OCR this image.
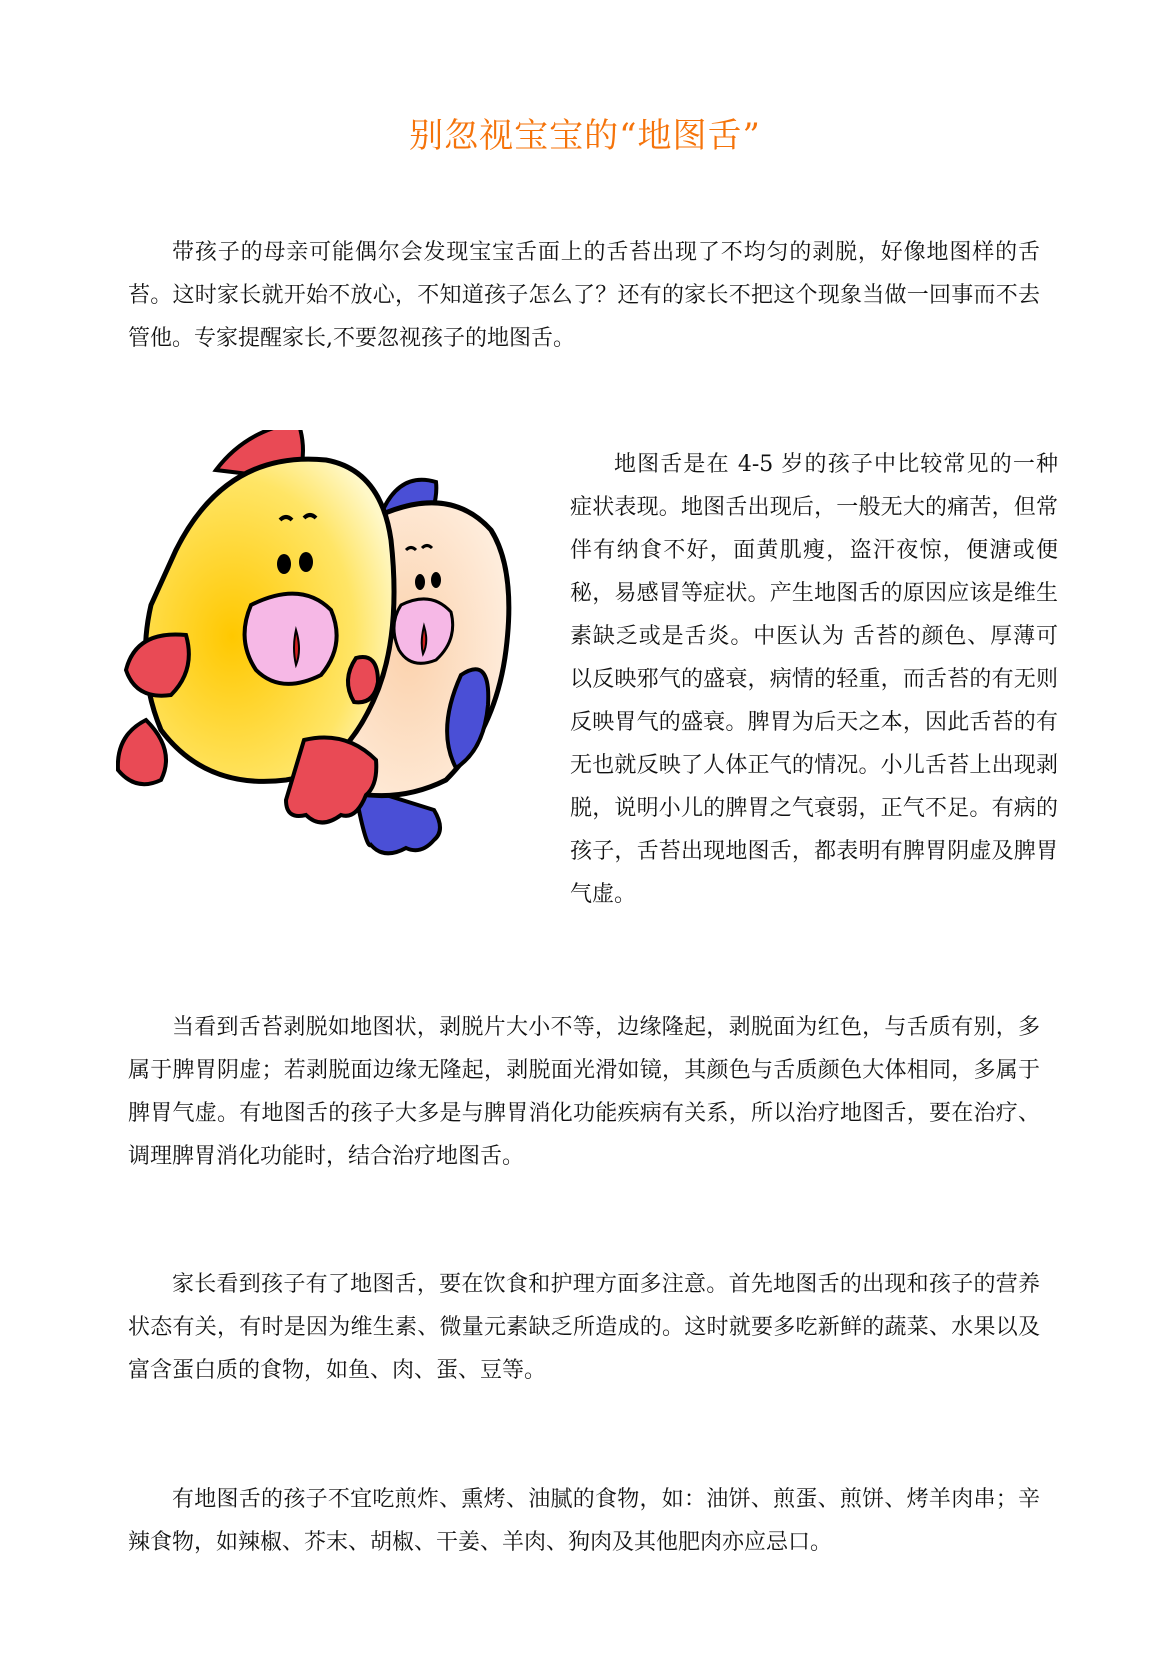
别忽视宝宝的“地图舌”

带孩子的母亲可能偶尔会发现宝宝舌面上的舌苔出现了不均匀的剥脱，好像地图样的舌苔。这时家长就开始不放心，不知道孩子怎么了？还有的家长不把这个现象当做一回事而不去管他。专家提醒家长,不要忽视孩子的地图舌。

地图舌是在 4-5 岁的孩子中比较常见的一种症状表现。地图舌出现后，一般无大的痛苦，但常伴有纳食不好，面黄肌瘦，盗汗夜惊，便溏或便秘，易感冒等症状。产生地图舌的原因应该是维生素缺乏或是舌炎。中医认为 舌苔的颜色、厚薄可以反映邪气的盛衰，病情的轻重，而舌苔的有无则反映胃气的盛衰。脾胃为后天之本，因此舌苔的有无也就反映了人体正气的情况。小儿舌苔上出现剥脱，说明小儿的脾胃之气衰弱，正气不足。有病的孩子，舌苔出现地图舌，都表明有脾胃阴虚及脾胃气虚。

当看到舌苔剥脱如地图状，剥脱片大小不等，边缘隆起，剥脱面为红色，与舌质有别，多属于脾胃阴虚；若剥脱面边缘无隆起，剥脱面光滑如镜，其颜色与舌质颜色大体相同，多属于脾胃气虚。有地图舌的孩子大多是与脾胃消化功能疾病有关系，所以治疗地图舌，要在治疗、调理脾胃消化功能时，结合治疗地图舌。

家长看到孩子有了地图舌，要在饮食和护理方面多注意。首先地图舌的出现和孩子的营养状态有关，有时是因为维生素、微量元素缺乏所造成的。这时就要多吃新鲜的蔬菜、水果以及富含蛋白质的食物，如鱼、肉、蛋、豆等。

有地图舌的孩子不宜吃煎炸、熏烤、油腻的食物，如：油饼、煎蛋、煎饼、烤羊肉串；辛辣食物，如辣椒、芥末、胡椒、干姜、羊肉、狗肉及其他肥肉亦应忌口。
